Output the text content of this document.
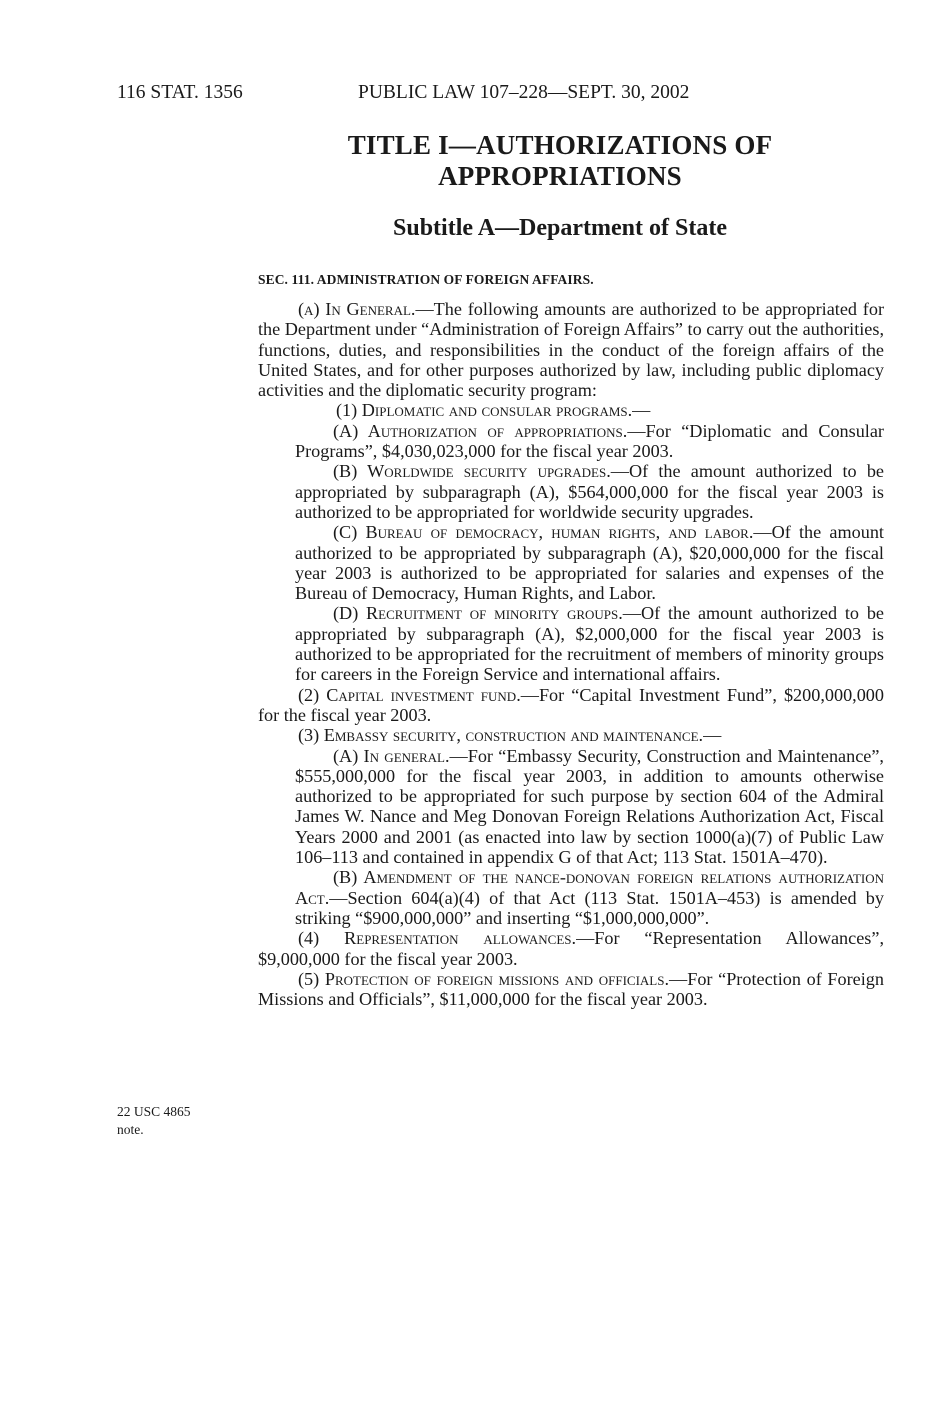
116 STAT. 1356	PUBLIC LAW 107–228—SEPT. 30, 2002
TITLE I—AUTHORIZATIONS OF
APPROPRIATIONS
Subtitle A—Department of State
SEC. 111. ADMINISTRATION OF FOREIGN AFFAIRS.

(a) In General.—The following amounts are authorized to be appropriated for the Department under “Administration of Foreign Affairs” to carry out the authorities, functions, duties, and responsibilities in the conduct of the foreign affairs of the United States, and for other purposes authorized by law, including public diplomacy activities and the diplomatic security program:

(1) Diplomatic and consular programs.—

(A) Authorization of appropriations.—For “Diplomatic and Consular Programs”, $4,030,023,000 for the fiscal year 2003.

(B) Worldwide security upgrades.—Of the amount authorized to be appropriated by subparagraph (A), $564,000,000 for the fiscal year 2003 is authorized to be appropriated for worldwide security upgrades.

(C) Bureau of democracy, human rights, and labor.—Of the amount authorized to be appropriated by subparagraph (A), $20,000,000 for the fiscal year 2003 is authorized to be appropriated for salaries and expenses of the Bureau of Democracy, Human Rights, and Labor.

(D) Recruitment of minority groups.—Of the amount authorized to be appropriated by subparagraph (A), $2,000,000 for the fiscal year 2003 is authorized to be appropriated for the recruitment of members of minority groups for careers in the Foreign Service and international affairs.

(2) Capital investment fund.—For “Capital Investment Fund”, $200,000,000 for the fiscal year 2003.

(3) Embassy security, construction and maintenance.—

(A) In general.—For “Embassy Security, Construction and Maintenance”, $555,000,000 for the fiscal year 2003, in addition to amounts otherwise authorized to be appropriated for such purpose by section 604 of the Admiral James W. Nance and Meg Donovan Foreign Relations Authorization Act, Fiscal Years 2000 and 2001 (as enacted into law by section 1000(a)(7) of Public Law 106–113 and contained in appendix G of that Act; 113 Stat. 1501A–470).

(B) Amendment of the nance-donovan foreign relations authorization Act.—Section 604(a)(4) of that Act (113 Stat. 1501A–453) is amended by striking “$900,000,000” and inserting “$1,000,000,000”.

(4) Representation allowances.—For “Representation Allowances”, $9,000,000 for the fiscal year 2003.

(5) Protection of foreign missions and officials.—For “Protection of Foreign Missions and Officials”, $11,000,000 for the fiscal year 2003.

22 USC 4865
note.
